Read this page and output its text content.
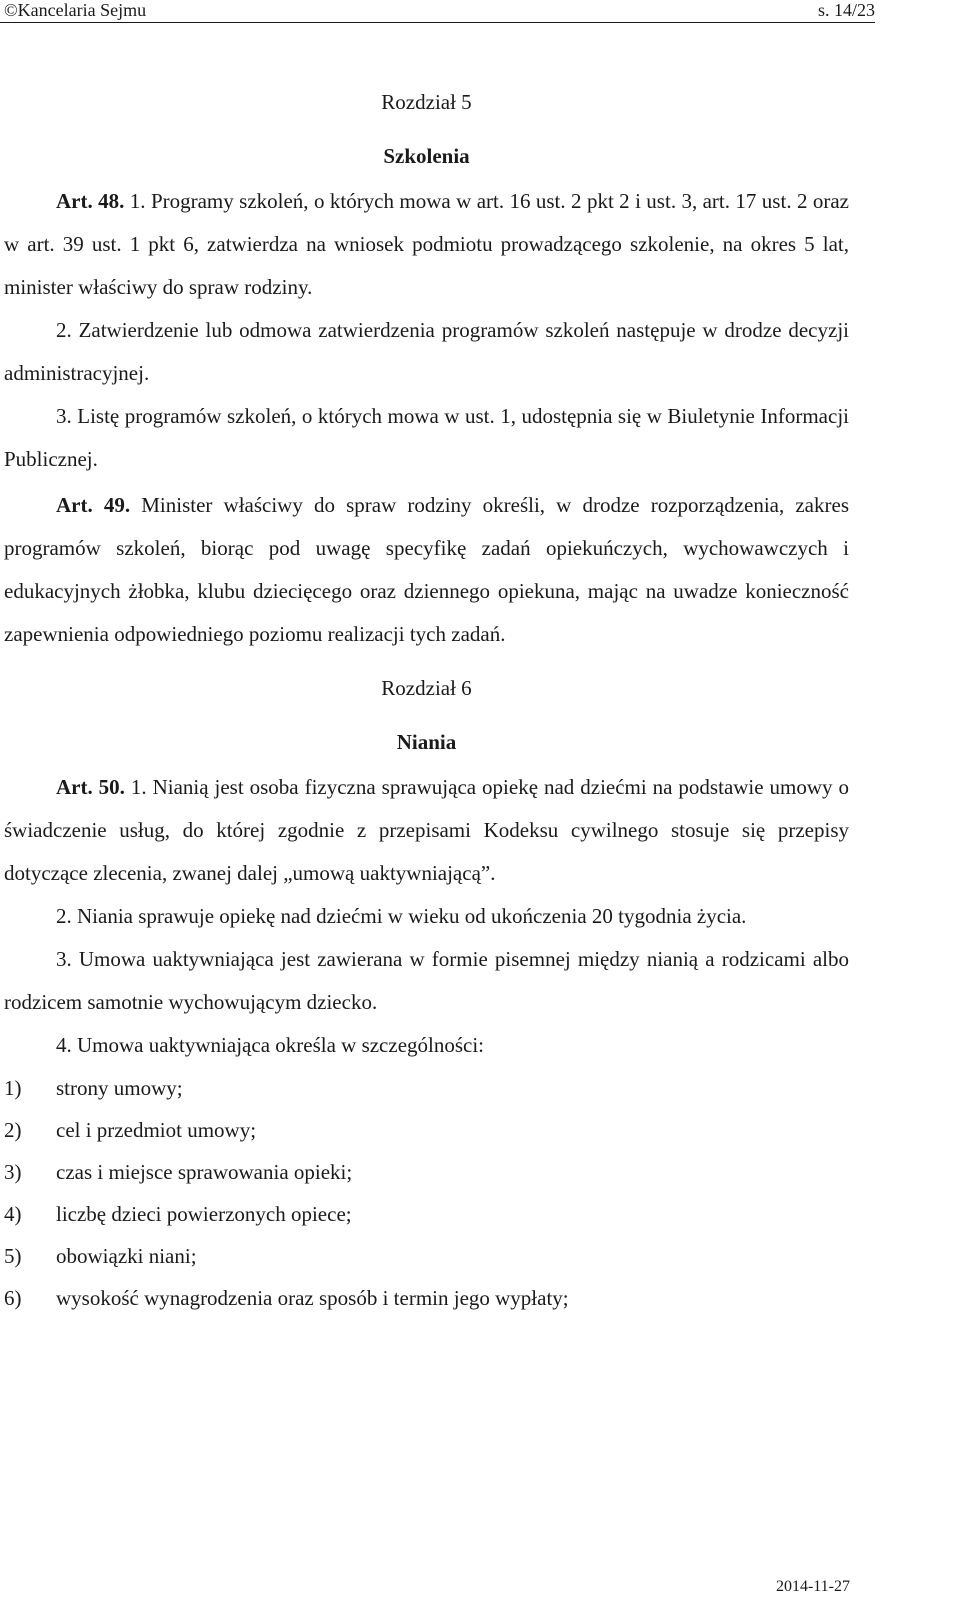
©Kancelaria Sejmu	s. 14/23

Rozdział 5

Szkolenia

Art. 48. 1. Programy szkoleń, o których mowa w art. 16 ust. 2 pkt 2 i ust. 3, art. 17 ust. 2 oraz w art. 39 ust. 1 pkt 6, zatwierdza na wniosek podmiotu prowadzącego szkolenie, na okres 5 lat, minister właściwy do spraw rodziny.

2. Zatwierdzenie lub odmowa zatwierdzenia programów szkoleń następuje w drodze decyzji administracyjnej.

3. Listę programów szkoleń, o których mowa w ust. 1, udostępnia się w Biuletynie Informacji Publicznej.

Art. 49. Minister właściwy do spraw rodziny określi, w drodze rozporządzenia, zakres programów szkoleń, biorąc pod uwagę specyfikę zadań opiekuńczych, wychowawczych i edukacyjnych żłobka, klubu dziecięcego oraz dziennego opiekuna, mając na uwadze konieczność zapewnienia odpowiedniego poziomu realizacji tych zadań.

Rozdział 6

Niania

Art. 50. 1. Nianią jest osoba fizyczna sprawująca opiekę nad dziećmi na podstawie umowy o świadczenie usług, do której zgodnie z przepisami Kodeksu cywilnego stosuje się przepisy dotyczące zlecenia, zwanej dalej „umową uaktywniającą”.

2. Niania sprawuje opiekę nad dziećmi w wieku od ukończenia 20 tygodnia życia.

3. Umowa uaktywniająca jest zawierana w formie pisemnej między nianią a rodzicami albo rodzicem samotnie wychowującym dziecko.

4. Umowa uaktywniająca określa w szczególności:

1)	strony umowy;
2)	cel i przedmiot umowy;
3)	czas i miejsce sprawowania opieki;
4)	liczbę dzieci powierzonych opiece;
5)	obowiązki niani;
6)	wysokość wynagrodzenia oraz sposób i termin jego wypłaty;
2014-11-27
